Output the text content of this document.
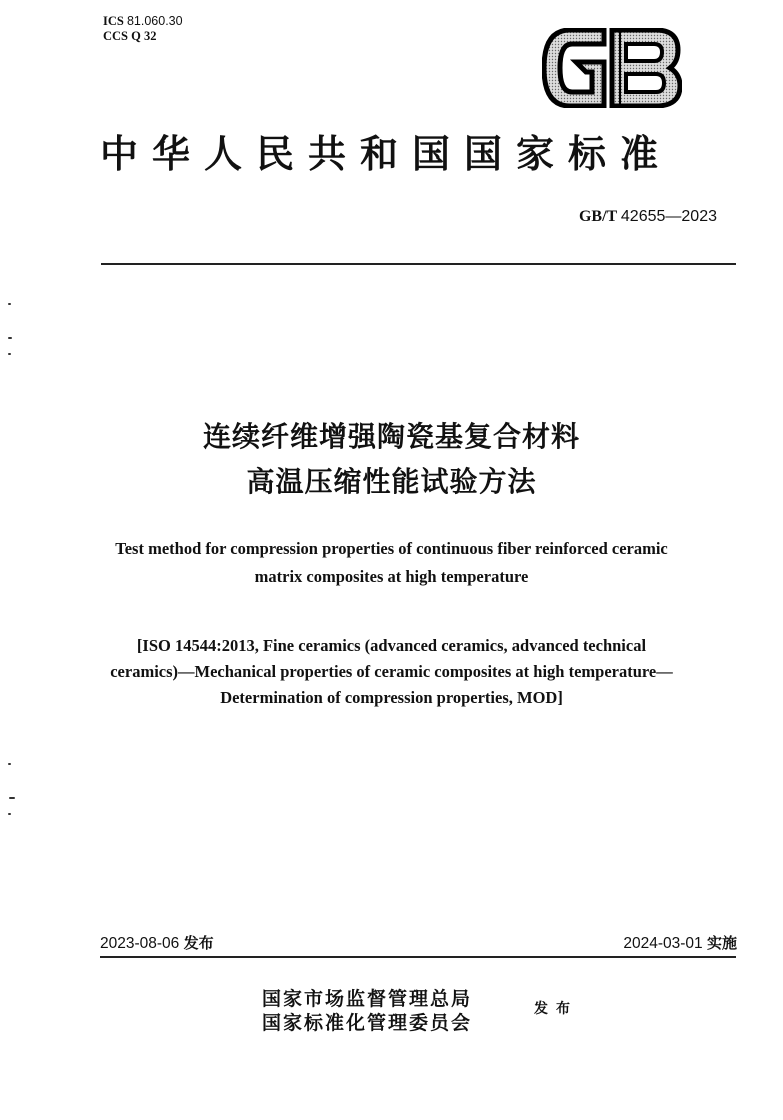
ICS 81.060.30
CCS Q 32
中华人民共和国国家标准
GB/T 42655—2023
连续纤维增强陶瓷基复合材料
高温压缩性能试验方法
Test method for compression properties of continuous fiber reinforced ceramic
matrix composites at high temperature
[ISO 14544:2013, Fine ceramics (advanced ceramics, advanced technical
ceramics)—Mechanical properties of ceramic composites at high temperature—
Determination of compression properties, MOD]
2023-08-06 发布	2024-03-01 实施
国家市场监督管理总局
国家标准化管理委员会
发布
